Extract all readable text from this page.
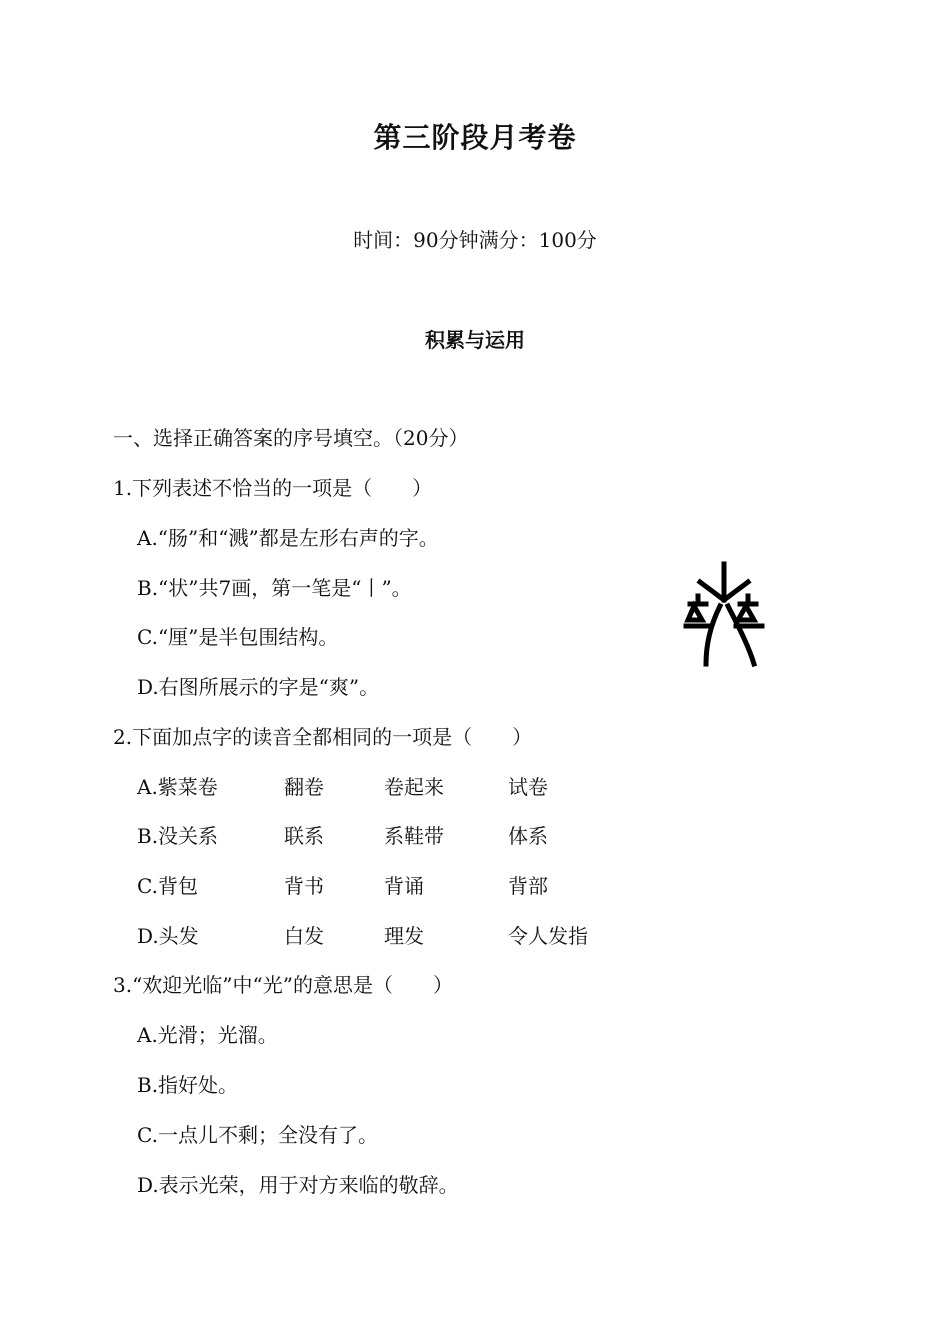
第三阶段月考卷
时间：90分钟满分：100分
积累与运用
一、选择正确答案的序号填空。（20分）
1.下列表述不恰当的一项是（　　）
A.“肠”和“溅”都是左形右声的字。
B.“状”共7画，第一笔是“丨”。
C.“厘”是半包围结构。
D.右图所展示的字是“爽”。
2.下面加点字的读音全都相同的一项是（　　）
A.紫菜卷	翻卷	卷起来	试卷
B.没关系	联系	系鞋带	体系
C.背包	背书	背诵	背部
D.头发	白发	理发	令人发指
3.“欢迎光临”中“光”的意思是（　　）
A.光滑；光溜。
B.指好处。
C.一点儿不剩；全没有了。
D.表示光荣，用于对方来临的敬辞。
